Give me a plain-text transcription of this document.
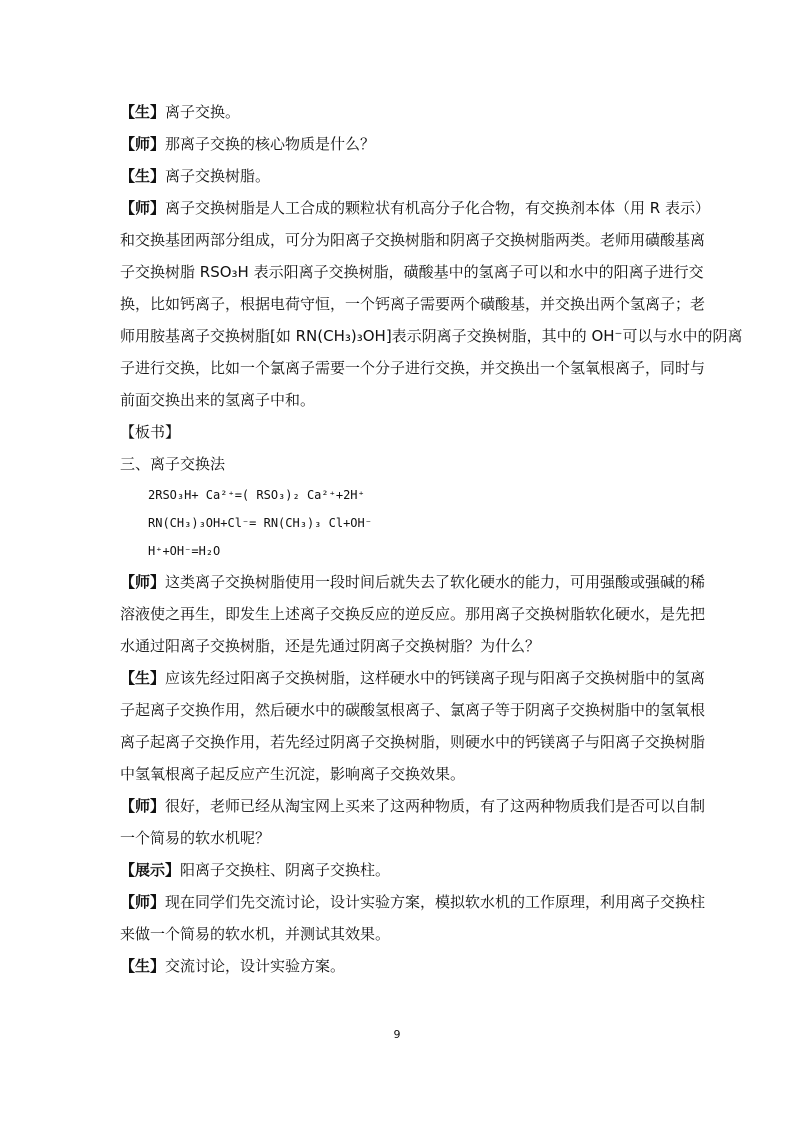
【生】离子交换。
【师】那离子交换的核心物质是什么？
【生】离子交换树脂。
【师】离子交换树脂是人工合成的颗粒状有机高分子化合物，有交换剂本体（用 R 表示）
和交换基团两部分组成，可分为阳离子交换树脂和阴离子交换树脂两类。老师用磺酸基离
子交换树脂 RSO₃H 表示阳离子交换树脂，磺酸基中的氢离子可以和水中的阳离子进行交
换，比如钙离子，根据电荷守恒，一个钙离子需要两个磺酸基，并交换出两个氢离子；老
师用胺基离子交换树脂[如 RN(CH₃)₃OH]表示阴离子交换树脂，其中的 OH⁻可以与水中的阴离
子进行交换，比如一个氯离子需要一个分子进行交换，并交换出一个氢氧根离子，同时与
前面交换出来的氢离子中和。
【板书】
三、离子交换法
2RSO₃H+ Ca²⁺=( RSO₃)₂ Ca²⁺+2H⁺
RN(CH₃)₃OH+Cl⁻= RN(CH₃)₃ Cl+OH⁻
H⁺+OH⁻=H₂O
【师】这类离子交换树脂使用一段时间后就失去了软化硬水的能力，可用强酸或强碱的稀
溶液使之再生，即发生上述离子交换反应的逆反应。那用离子交换树脂软化硬水，是先把
水通过阳离子交换树脂，还是先通过阴离子交换树脂？为什么？
【生】应该先经过阳离子交换树脂，这样硬水中的钙镁离子现与阳离子交换树脂中的氢离
子起离子交换作用，然后硬水中的碳酸氢根离子、氯离子等于阴离子交换树脂中的氢氧根
离子起离子交换作用，若先经过阴离子交换树脂，则硬水中的钙镁离子与阳离子交换树脂
中氢氧根离子起反应产生沉淀，影响离子交换效果。
【师】很好，老师已经从淘宝网上买来了这两种物质，有了这两种物质我们是否可以自制
一个简易的软水机呢？
【展示】阳离子交换柱、阴离子交换柱。
【师】现在同学们先交流讨论，设计实验方案，模拟软水机的工作原理，利用离子交换柱
来做一个简易的软水机，并测试其效果。
【生】交流讨论，设计实验方案。
9
